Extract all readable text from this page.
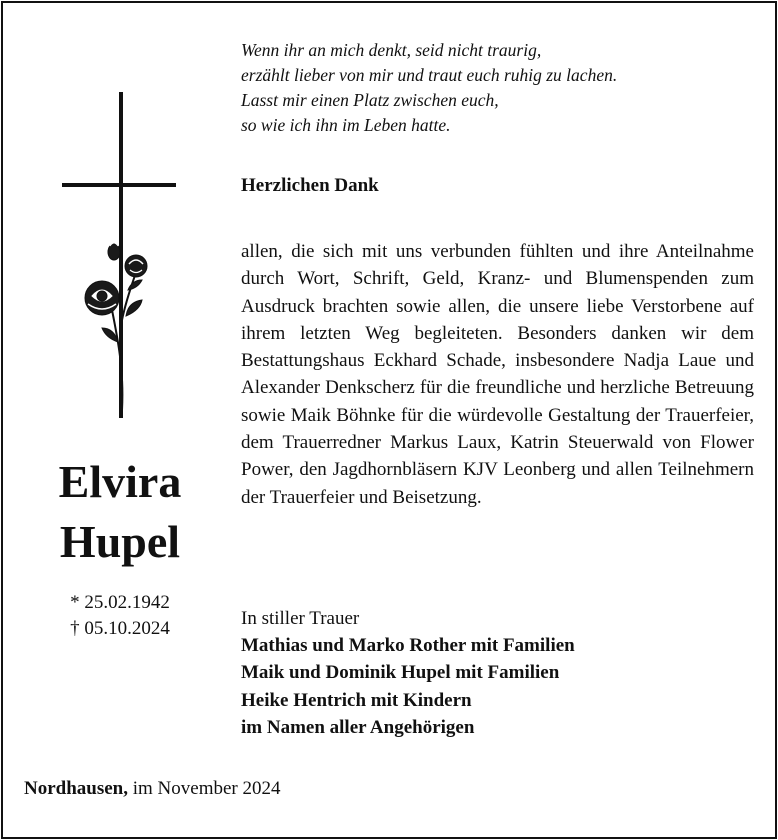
Wenn ihr an mich denkt, seid nicht traurig,
erzählt lieber von mir und traut euch ruhig zu lachen.
Lasst mir einen Platz zwischen euch,
so wie ich ihn im Leben hatte.
Herzlichen Dank
allen, die sich mit uns verbunden fühlten und ihre Anteilnahme durch Wort, Schrift, Geld, Kranz- und Blumenspenden zum Ausdruck brachten sowie allen, die unsere liebe Verstorbene auf ihrem letzten Weg begleiteten. Besonders danken wir dem Bestattungshaus Eckhard Schade, insbesondere Nadja Laue und Alexander Denkscherz für die freundliche und herzliche Betreuung sowie Maik Böhnke für die würdevolle Gestaltung der Trauerfeier, dem Trauerredner Markus Laux, Katrin Steuerwald von Flower Power, den Jagdhornbläsern KJV Leonberg und allen Teilnehmern der Trauerfeier und Beisetzung.
Elvira
Hupel
* 25.02.1942
† 05.10.2024	In stiller Trauer
Mathias und Marko Rother mit Familien
Maik und Dominik Hupel mit Familien
Heike Hentrich mit Kindern
im Namen aller Angehörigen
Nordhausen, im November 2024
